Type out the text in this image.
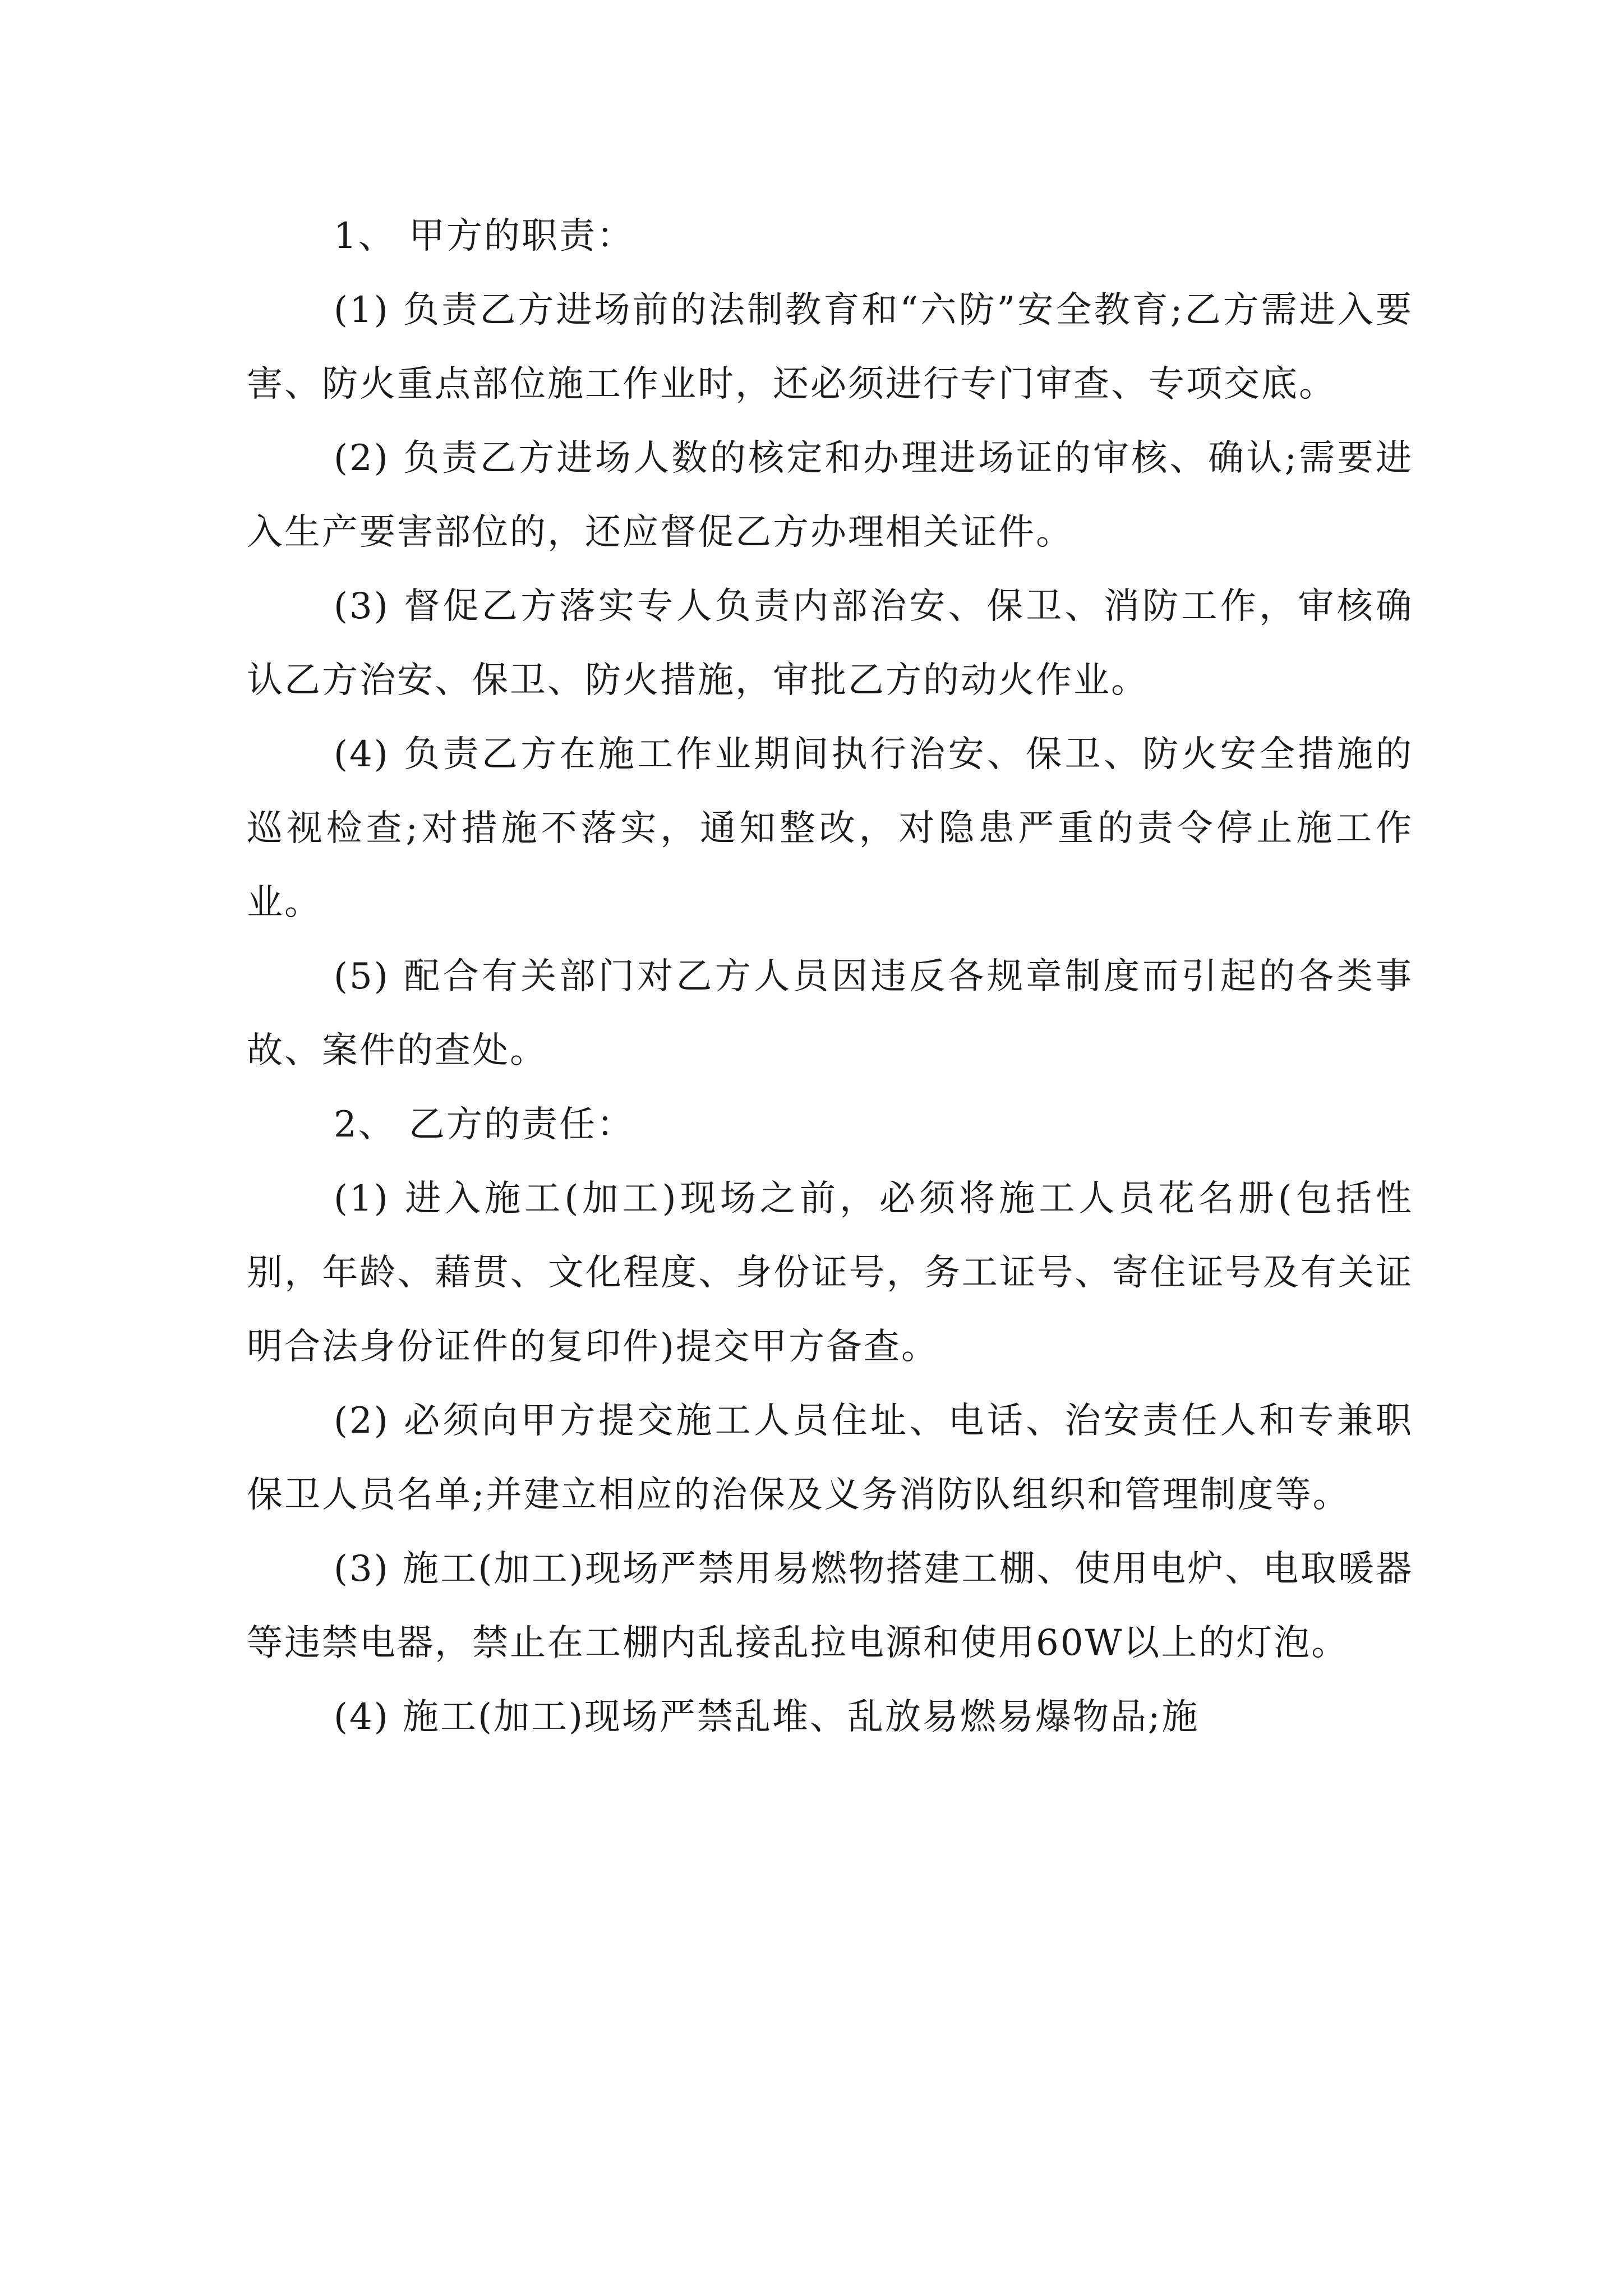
1、 甲方的职责：

(1) 负责乙方进场前的法制教育和“六防”安全教育;乙方需进入要害、防火重点部位施工作业时，还必须进行专门审查、专项交底。

(2) 负责乙方进场人数的核定和办理进场证的审核、确认;需要进入生产要害部位的，还应督促乙方办理相关证件。

(3) 督促乙方落实专人负责内部治安、保卫、消防工作，审核确认乙方治安、保卫、防火措施，审批乙方的动火作业。

(4) 负责乙方在施工作业期间执行治安、保卫、防火安全措施的巡视检查;对措施不落实，通知整改，对隐患严重的责令停止施工作业。

(5) 配合有关部门对乙方人员因违反各规章制度而引起的各类事故、案件的查处。

2、 乙方的责任：

(1) 进入施工(加工)现场之前，必须将施工人员花名册(包括性别，年龄、藉贯、文化程度、身份证号，务工证号、寄住证号及有关证明合法身份证件的复印件)提交甲方备查。

(2) 必须向甲方提交施工人员住址、电话、治安责任人和专兼职保卫人员名单;并建立相应的治保及义务消防队组织和管理制度等。

(3) 施工(加工)现场严禁用易燃物搭建工棚、使用电炉、电取暖器等违禁电器，禁止在工棚内乱接乱拉电源和使用60W以上的灯泡。

(4) 施工(加工)现场严禁乱堆、乱放易燃易爆物品;施
